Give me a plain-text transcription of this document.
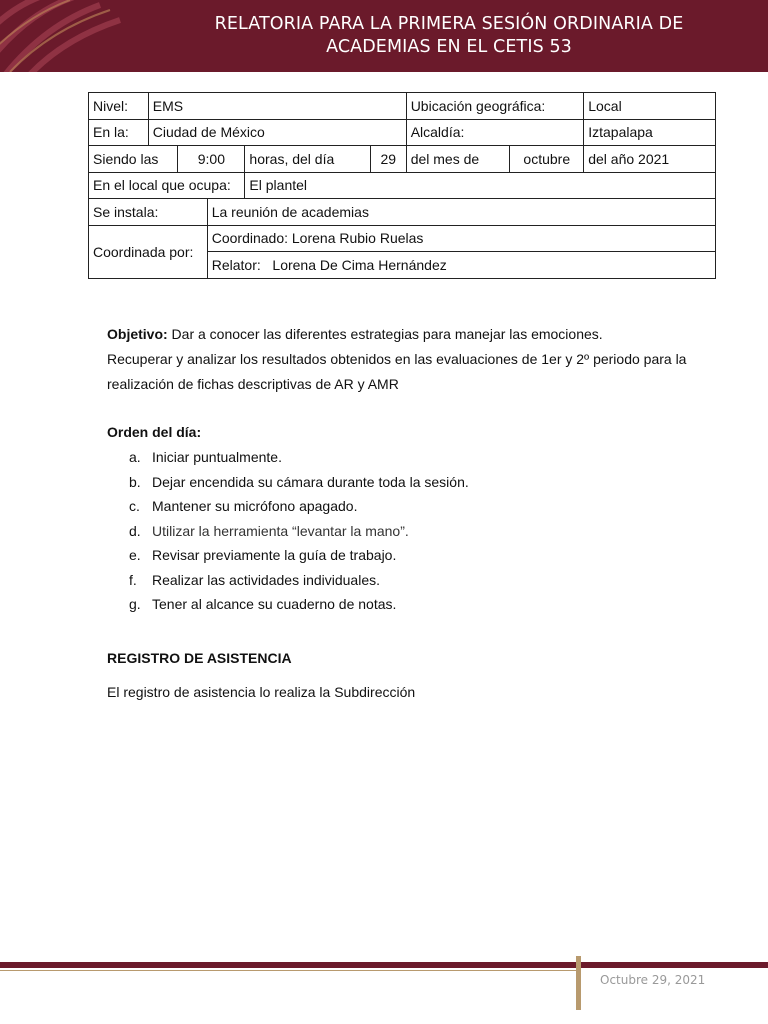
RELATORIA PARA LA PRIMERA SESIÓN ORDINARIA DE
ACADEMIAS EN EL CETIS 53
Nivel:	EMS					Ubicación geográfica:		Local
En la:	Ciudad de México					Alcaldía:		Iztapalapa
Siendo las		9:00		horas, del día	29	del mes de	octubre	del año 2021
En el local que ocupa:				El plantel				
Se instala:			La reunión de academias					
Coordinada por:			Coordinado: Lorena Rubio Ruelas					
			Relator:   Lorena De Cima Hernández					
Objetivo: Dar a conocer las diferentes estrategias para manejar las emociones.
Recuperar y analizar los resultados obtenidos en las evaluaciones de 1er y 2º periodo para la
realización de fichas descriptivas de AR y AMR
Orden del día:
a. Iniciar puntualmente.
b. Dejar encendida su cámara durante toda la sesión.
c. Mantener su micrófono apagado.
d. Utilizar la herramienta “levantar la mano”.
e. Revisar previamente la guía de trabajo.
f. Realizar las actividades individuales.
g. Tener al alcance su cuaderno de notas.
REGISTRO DE ASISTENCIA
El registro de asistencia lo realiza la Subdirección
Octubre 29, 2021
